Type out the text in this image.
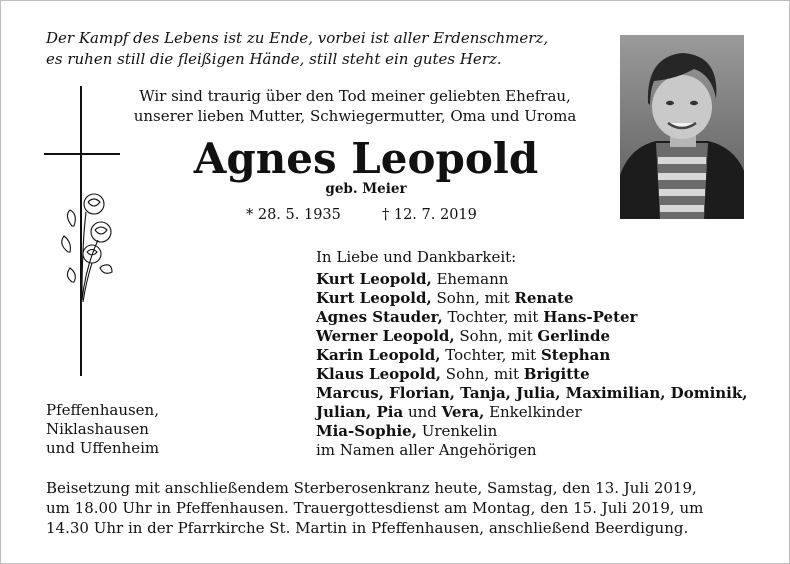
Der Kampf des Lebens ist zu Ende, vorbei ist aller Erdenschmerz,
es ruhen still die fleißigen Hände, still steht ein gutes Herz.
Wir sind traurig über den Tod meiner geliebten Ehefrau,
unserer lieben Mutter, Schwiegermutter, Oma und Uroma
Agnes Leopold
geb. Meier
* 28. 5. 1935	† 12. 7. 2019
In Liebe und Dankbarkeit:
Kurt Leopold, Ehemann
Kurt Leopold, Sohn, mit Renate
Agnes Stauder, Tochter, mit Hans-Peter
Werner Leopold, Sohn, mit Gerlinde
Karin Leopold, Tochter, mit Stephan
Klaus Leopold, Sohn, mit Brigitte
Marcus, Florian, Tanja, Julia, Maximilian, Dominik,
Julian, Pia und Vera, Enkelkinder
Mia-Sophie, Urenkelin
im Namen aller Angehörigen
Pfeffenhausen,
Niklashausen
und Uffenheim
Beisetzung mit anschließendem Sterberosenkranz heute, Samstag, den 13. Juli 2019,
um 18.00 Uhr in Pfeffenhausen. Trauergottesdienst am Montag, den 15. Juli 2019, um
14.30 Uhr in der Pfarrkirche St. Martin in Pfeffenhausen, anschließend Beerdigung.
